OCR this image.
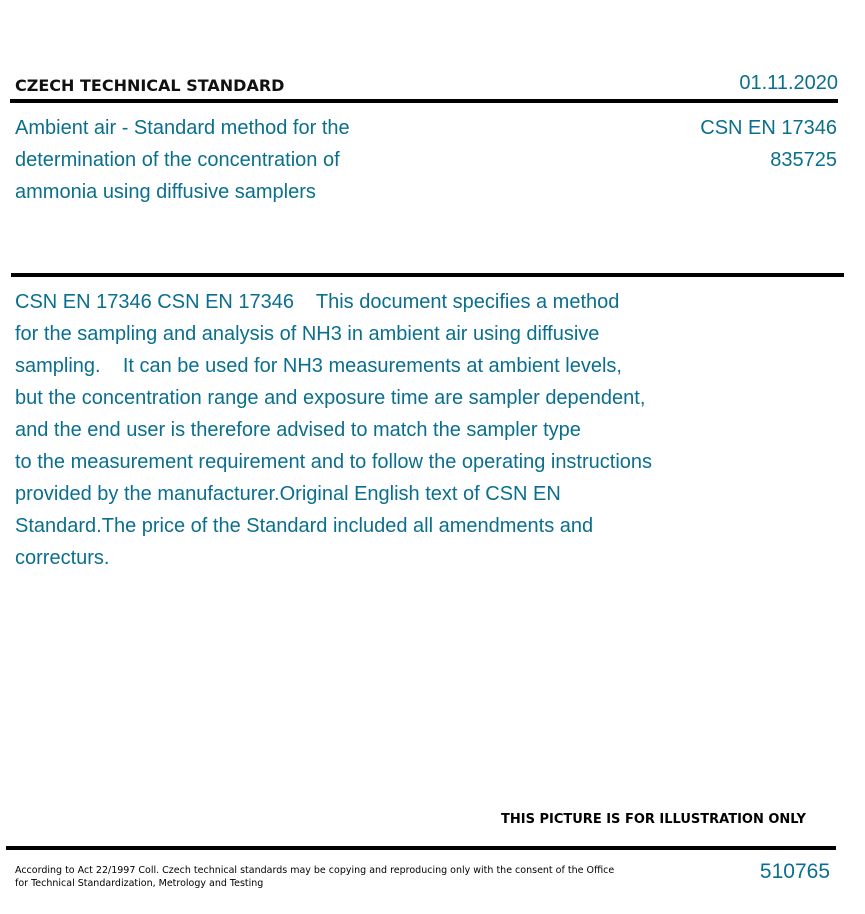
CZECH TECHNICAL STANDARD	01.11.2020
Ambient air - Standard method for the
determination of the concentration of
ammonia using diffusive samplers
CSN EN 17346
835725
CSN EN 17346 CSN EN 17346    This document specifies a method
for the sampling and analysis of NH3 in ambient air using diffusive
sampling.    It can be used for NH3 measurements at ambient levels,
but the concentration range and exposure time are sampler dependent,
and the end user is therefore advised to match the sampler type
to the measurement requirement and to follow the operating instructions
provided by the manufacturer.Original English text of CSN EN
Standard.The price of the Standard included all amendments and
correcturs.
THIS PICTURE IS FOR ILLUSTRATION ONLY
According to Act 22/1997 Coll. Czech technical standards may be copying and reproducing only with the consent of the Office
for Technical Standardization, Metrology and Testing
510765
